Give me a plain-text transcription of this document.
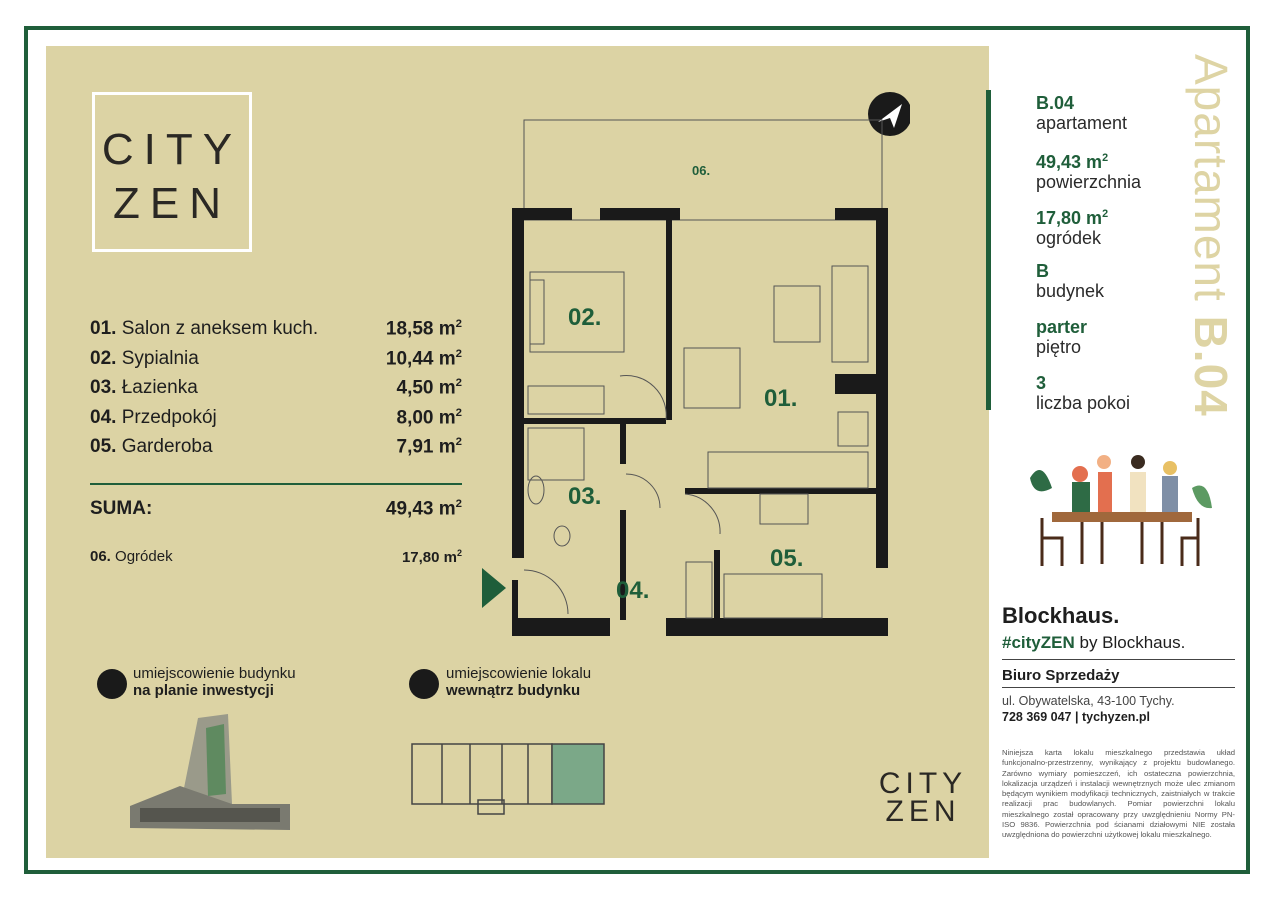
CITY
ZEN
01. Salon z aneksem kuch.	18,58 $m^2$
02. Sypialnia	10,44 $m^2$
03. Łazienka	4,50 $m^2$
04. Przedpokój	8,00 $m^2$
05. Garderoba	7,91 $m^2$
SUMA:	49,43 $m^2$
06. Ogródek	17,80 $m^2$
06.
02.
01.
03.
04.
05.
umiejscowienie budynku
na planie inwestycji
umiejscowienie lokalu
wewnątrz budynku
CITY
ZEN
B.04
apartament
49,43 $m^2$
powierzchnia
17,80 $m^2$
ogródek
B
budynek
parter
piętro
3
liczba pokoi
Apartament B.04
Blockhaus.
#cityZEN by Blockhaus.
Biuro Sprzedaży
ul. Obywatelska, 43-100 Tychy.
728 369 047 | tychyzen.pl
Niniejsza karta lokalu mieszkalnego przedstawia układ funkcjonalno-przestrzenny, wynikający z projektu budowlanego. Zarówno wymiary pomieszczeń, ich ostateczna powierzchnia, lokalizacja urządzeń i instalacji wewnętrznych może ulec zmianom będącym wynikiem modyfikacji technicznych, zaistniałych w trakcie realizacji prac budowlanych. Pomiar powierzchni lokalu mieszkalnego został opracowany przy uwzględnieniu Normy PN-ISO 9836. Powierzchnia pod ścianami działowymi NIE została uwzględniona do powierzchni użytkowej lokalu mieszkalnego.
